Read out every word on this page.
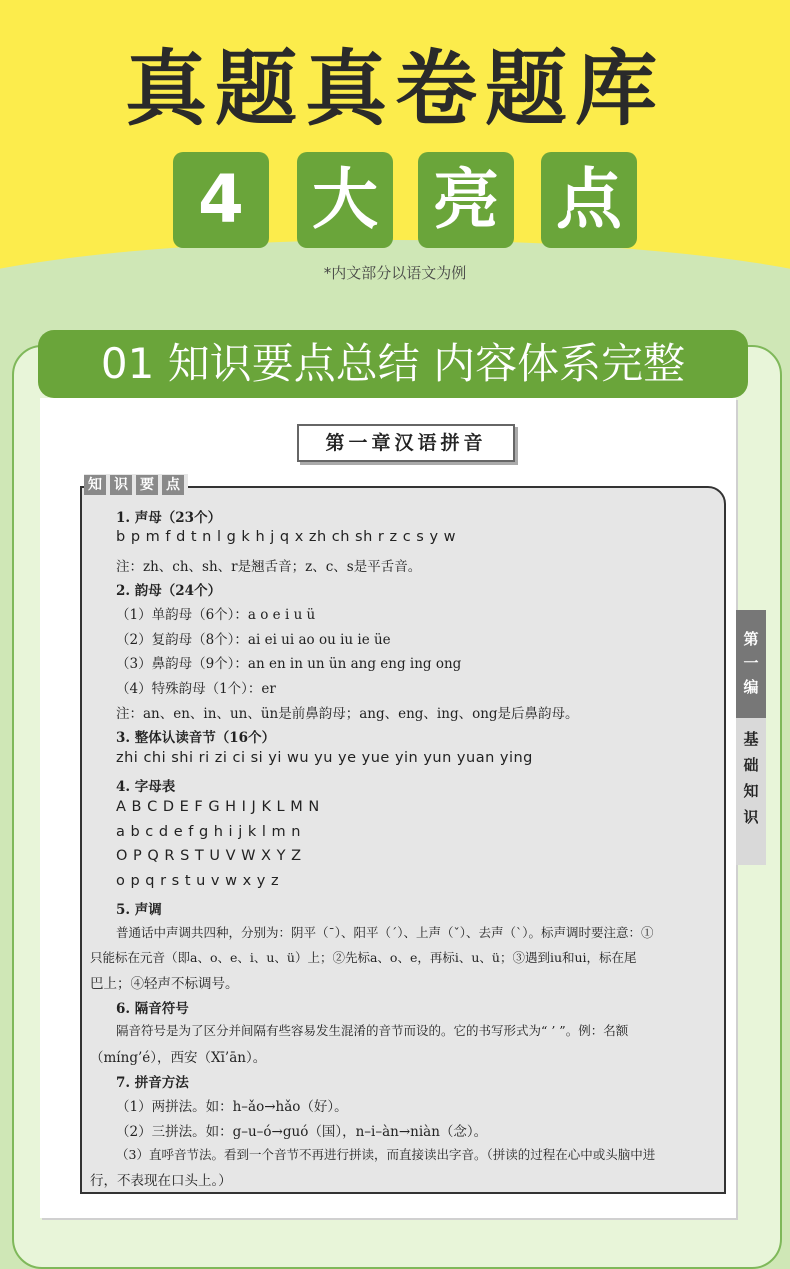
真题真卷题库
4	大 亮 点
*内文部分以语文为例
01 知识要点总结 内容体系完整
第
一
编
基
础
知
识
第一章汉语拼音
知 识 要 点
1. 声母（23个）
b p m f d t n l g k h j q x zh ch sh r z c s y w
注：zh、ch、sh、r是翘舌音；z、c、s是平舌音。
2. 韵母（24个）
（1）单韵母（6个）：a o e i u ü
（2）复韵母（8个）：ai ei ui ao ou iu ie üe
（3）鼻韵母（9个）：an en in un ün ang eng ing ong
（4）特殊韵母（1个）：er
注：an、en、in、un、ün是前鼻韵母；ang、eng、ing、ong是后鼻韵母。
3. 整体认读音节（16个）
zhi chi shi ri zi ci si yi wu yu ye yue yin yun yuan ying
4. 字母表
A B C D E F G H I J K L M N
a b c d e f g h i j k l m n
O P Q R S T U V W X Y Z
o p q r s t u v w x y z
5. 声调
普通话中声调共四种，分别为：阴平（ˉ）、阳平（ˊ）、上声（ˇ）、去声（ˋ）。标声调时要注意：①
只能标在元音（即a、o、e、i、u、ü）上；②先标a、o、e，再标i、u、ü；③遇到iu和ui，标在尾
巴上；④轻声不标调号。
6. 隔音符号
隔音符号是为了区分并间隔有些容易发生混淆的音节而设的。它的书写形式为“ ’ ”。例：名额
（míng’é），西安（Xī’ān）。
7. 拼音方法
（1）两拼法。如：h–ǎo→hǎo（好）。
（2）三拼法。如：g–u–ó→guó（国），n–i–àn→niàn（念）。
（3）直呼音节法。看到一个音节不再进行拼读，而直接读出字音。（拼读的过程在心中或头脑中进
行，不表现在口头上。）
